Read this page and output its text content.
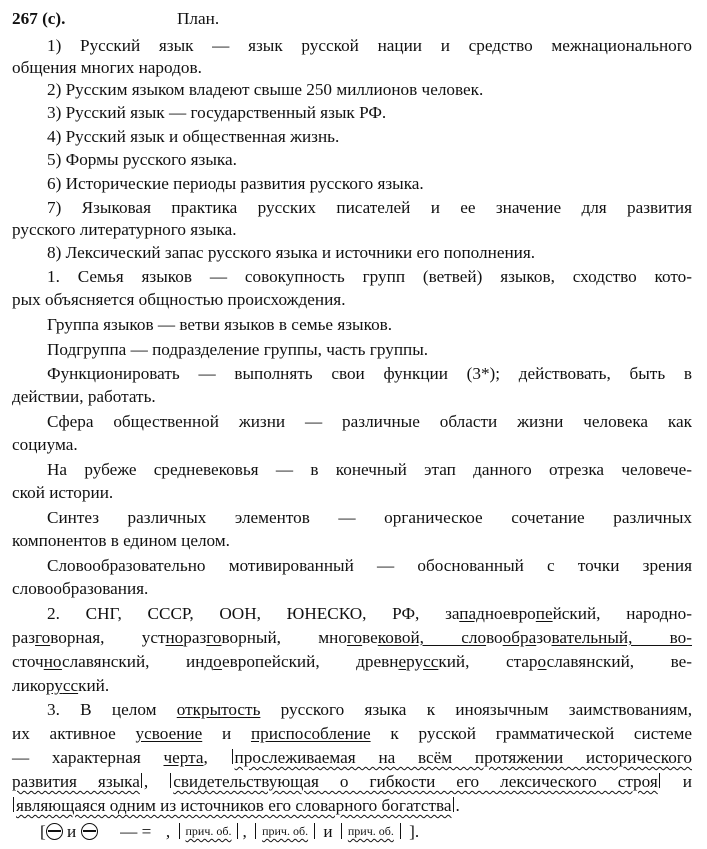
267 (с).	План.
1) Русский язык — язык русской нации и средство межнационального
общения многих народов.
2) Русским языком владеют свыше 250 миллионов человек.
3) Русский язык — государственный язык РФ.
4) Русский язык и общественная жизнь.
5) Формы русского языка.
6) Исторические периоды развития русского языка.
7) Языковая практика русских писателей и ее значение для развития
русского литературного языка.
8) Лексический запас русского языка и источники его пополнения.
1. Семья языков — совокупность групп (ветвей) языков, сходство кото-
рых объясняется общностью происхождения.
Группа языков — ветви языков в семье языков.
Подгруппа — подразделение группы, часть группы.
Функционировать — выполнять свои функции (3*); действовать, быть в
действии, работать.
Сфера общественной жизни — различные области жизни человека как
социума.
На рубеже средневековья — в конечный этап данного отрезка человече-
ской истории.
Синтез различных элементов — органическое сочетание различных
компонентов в едином целом.
Словообразовательно мотивированный — обоснованный с точки зрения
словообразования.
2. СНГ, СССР, ООН, ЮНЕСКО, РФ, западноевропейский, народно-
разговорная, устноразговорный, многовековой, словообразовательный, во-
сточнославянский, индоевропейский, древнерусский, старославянский, ве-
ликорусский.
3. В целом открытость русского языка к иноязычным заимствованиям,
их активное усвоение и приспособление к русской грамматической системе
— характерная черта, прослеживаемая на всём протяжении исторического
развития языка , свидетельствующая о гибкости его лексического строя и
являющаяся одним из источников его словарного богатства .
[ и	— = , прич. об. , прич. об. и прич. об. ].
